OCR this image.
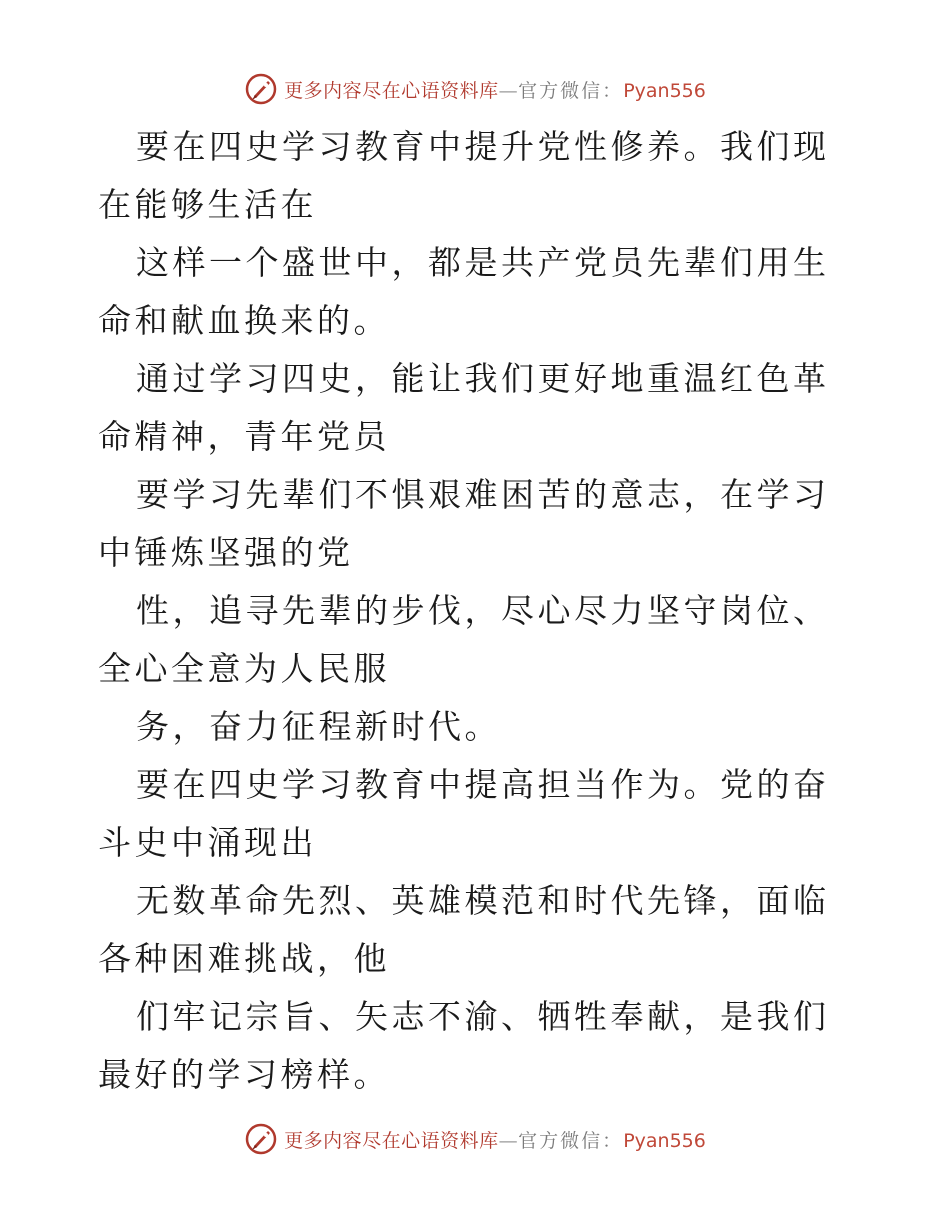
更多内容尽在心语资料库—官方微信：Pyan556

要在四史学习教育中提升党性修养。我们现在能够生活在

这样一个盛世中，都是共产党员先辈们用生命和献血换来的。

通过学习四史，能让我们更好地重温红色革命精神，青年党员

要学习先辈们不惧艰难困苦的意志，在学习中锤炼坚强的党

性，追寻先辈的步伐，尽心尽力坚守岗位、全心全意为人民服

务，奋力征程新时代。

要在四史学习教育中提高担当作为。党的奋斗史中涌现出

无数革命先烈、英雄模范和时代先锋，面临各种困难挑战，他

们牢记宗旨、矢志不渝、牺牲奉献，是我们最好的学习榜样。

更多内容尽在心语资料库—官方微信：Pyan556
